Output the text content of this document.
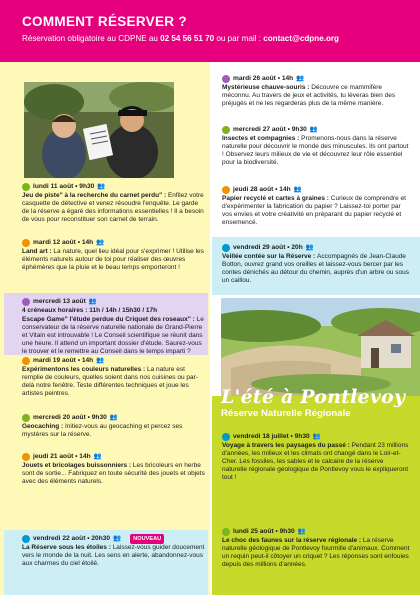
COMMENT RÉSERVER ?
Réservation obligatoire au CDPNE au 02 54 56 51 70 ou par mail : contact@cdpne.org
L'été à Pontlevoy
Réserve Naturelle Régionale
lundi 11 août • 9h30 👥
Jeu de piste" à la recherche du carnet perdu" : Enfilez votre casquette de détective et venez résoudre l'enquête. Le garde de la réserve a égaré des informations essentielles ! Il a besoin de vous pour reconstituer son carnet de terrain.
mardi 12 août • 14h 👥
Land art : La nature, quel lieu idéal pour s'exprimer ! Utilise les éléments naturels autour de toi pour réaliser des œuvres éphémères que la pluie et le beau temps emporteront !
mercredi 13 août 👥
4 créneaux horaires : 11h / 14h / 15h30 / 17h
Escape Game" l'étude perdue du Criquet des roseaux" : Le conservateur de la réserve naturelle nationale de Grand-Pierre et Vitain est introuvable ! Le Conseil scientifique se réunit dans une heure. Il attend un important dossier d'étude. Saurez-vous le trouver et le remettre au Conseil dans le temps imparti ?
mardi 19 août • 14h 👥
Expérimentons les couleurs naturelles : La nature est remplie de couleurs, quelles soient dans nos cuisines ou par-delà notre fenêtre. Teste différentes techniques et joue les artistes peintres.
mercredi 20 août • 9h30 👥
Geocaching : Initiez-vous au geocaching et percez ses mystères sur la réserve.
jeudi 21 août • 14h 👥
Jouets et bricolages buissonniers : Les bricoleurs en herbe sont de sortie... Fabriquez en toute sécurité des jouets et objets avec des éléments naturels.
vendredi 22 août • 20h30 👥	NOUVEAU
La Réserve sous les étoiles : Laissez-vous guider doucement vers le monde de la nuit. Les sens en alerte, abandonnez-vous aux charmes du ciel étoilé.
mardi 26 août • 14h 👥
Mystérieuse chauve-souris : Découvre ce mammifère méconnu. Au travers de jeux et activités, tu lèveras bien des préjugés et ne les regarderas plus de la même manière.
mercredi 27 août • 9h30 👥
Insectes et compagnies : Promenons-nous dans la réserve naturelle pour découvrir le monde des minuscules. Ils ont partout ! Observez leurs milieux de vie et découvrez leur rôle essentiel pour la biodiversité.
jeudi 28 août • 14h 👥
Papier recyclé et cartes à graines : Curieux de comprendre et d'expérimenter la fabrication du papier ? Laissez-toi porter par vos envies et votre créativité en préparant du papier recyclé et ensemencé.
vendredi 29 août • 20h 👥
Veillée contée sur la Réserve : Accompagnés de Jean-Claude Botton, ouvrez grand vos oreilles et laissez-vous bercer par les contes dénichés au détour du chemin, auprès d'un arbre ou sous un caillou.
vendredi 18 juillet • 9h30 👥
Voyage à travers les paysages du passé : Pendant 23 millions d'années, les milieux et les climats ont changé dans le Loir-et-Cher. Les fossiles, les sables et le calcaire de la réserve naturelle régionale géologique de Pontlevoy vous le expliqueront tout !
lundi 25 août • 9h30 👥
Le choc des faunes sur la réserve régionale : La réserve naturelle géologique de Pontlevoy fourmille d'animaux. Comment un requin peut-il côtoyer un criquet ? Les réponses sont enfouies depuis des millions d'années.
